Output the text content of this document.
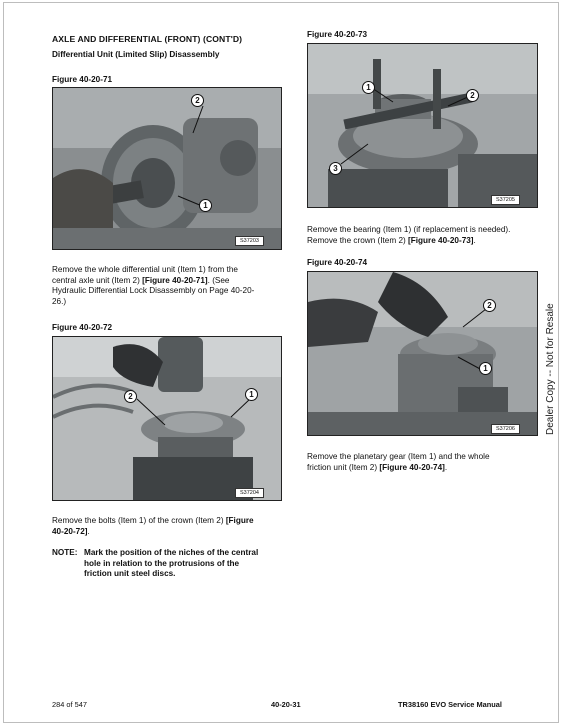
AXLE AND DIFFERENTIAL (FRONT) (CONT'D)
Differential Unit (Limited Slip) Disassembly
Figure 40-20-71
2
1
S37203
Remove the whole differential unit (Item 1) from the
central axle unit (Item 2) [Figure 40-20-71]. (See
Hydraulic Differential Lock Disassembly on Page 40-20-
26.)
Figure 40-20-72
2	1
S37204
Remove the bolts (Item 1) of the crown (Item 2) [Figure
40-20-72].
NOTE: Mark the position of the niches of the central
hole in relation to the protrusions of the
friction unit steel discs.
Figure 40-20-73
1
2
3
S37205
Remove the bearing (Item 1) (if replacement is needed).
Remove the crown (Item 2) [Figure 40-20-73].
Figure 40-20-74
2
1
S37206
Remove the planetary gear (Item 1) and the whole
friction unit (Item 2) [Figure 40-20-74].
Dealer Copy -- Not for Resale
284 of 547	40-20-31	TR38160 EVO Service Manual
